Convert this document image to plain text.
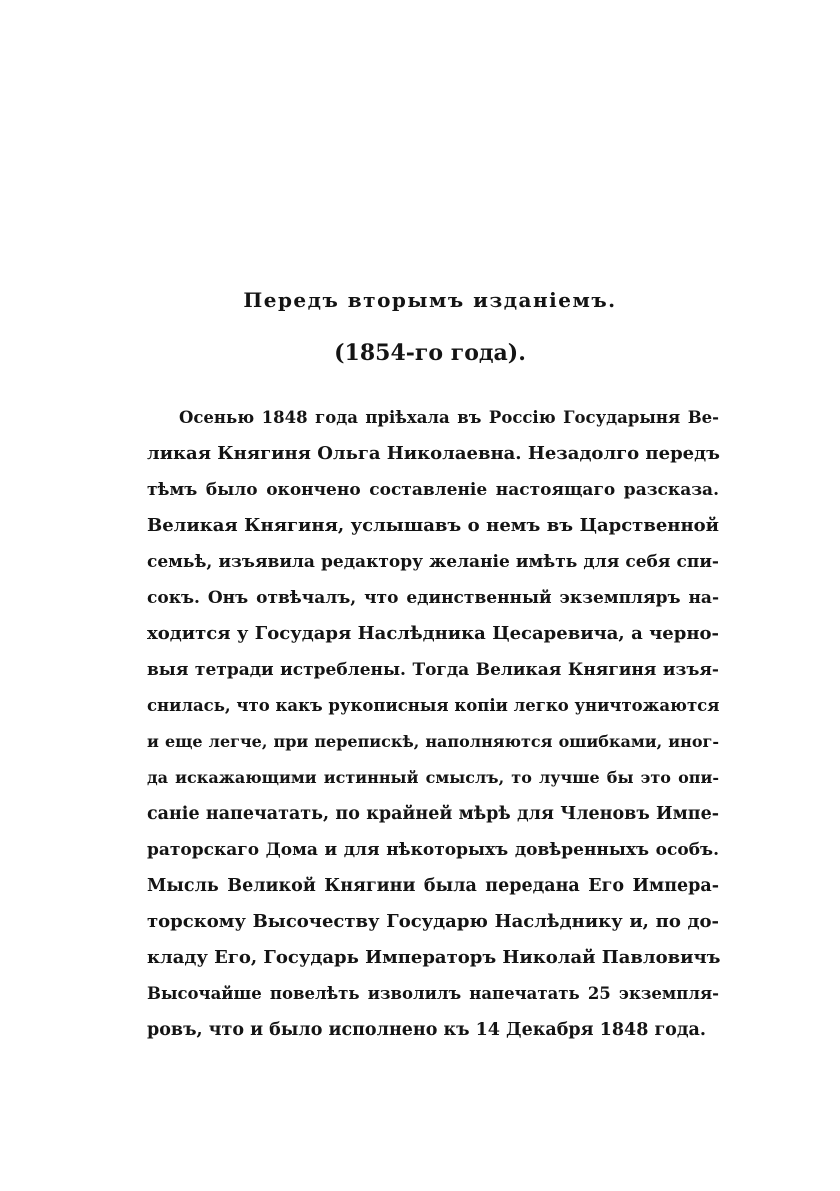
Передъ вторымъ изданіемъ.
(1854-го года).
Осенью 1848 года пріѣхала въ Россію Государыня Ве-
ликая Княгиня Ольга Николаевна. Незадолго передъ
тѣмъ было окончено составленіе настоящаго разсказа.
Великая Княгиня, услышавъ о немъ въ Царственной
семьѣ, изъявила редактору желаніе имѣть для себя спи-
сокъ. Онъ отвѣчалъ, что единственный экземпляръ на-
ходится у Государя Наслѣдника Цесаревича, а черно-
выя тетради истреблены. Тогда Великая Княгиня изъя-
снилась, что какъ рукописныя копіи легко уничтожаются
и еще легче, при перепискѣ, наполняются ошибками, иног-
да искажающими истинный смыслъ, то лучше бы это опи-
саніе напечатать, по крайней мѣрѣ для Членовъ Импе-
раторскаго Дома и для нѣкоторыхъ довѣренныхъ особъ.
Мысль Великой Княгини была передана Его Импера-
торскому Высочеству Государю Наслѣднику и, по до-
кладу Его, Государь Императоръ Николай Павловичъ
Высочайше повелѣть изволилъ напечатать 25 экземпля-
ровъ, что и было исполнено къ 14 Декабря 1848 года.
